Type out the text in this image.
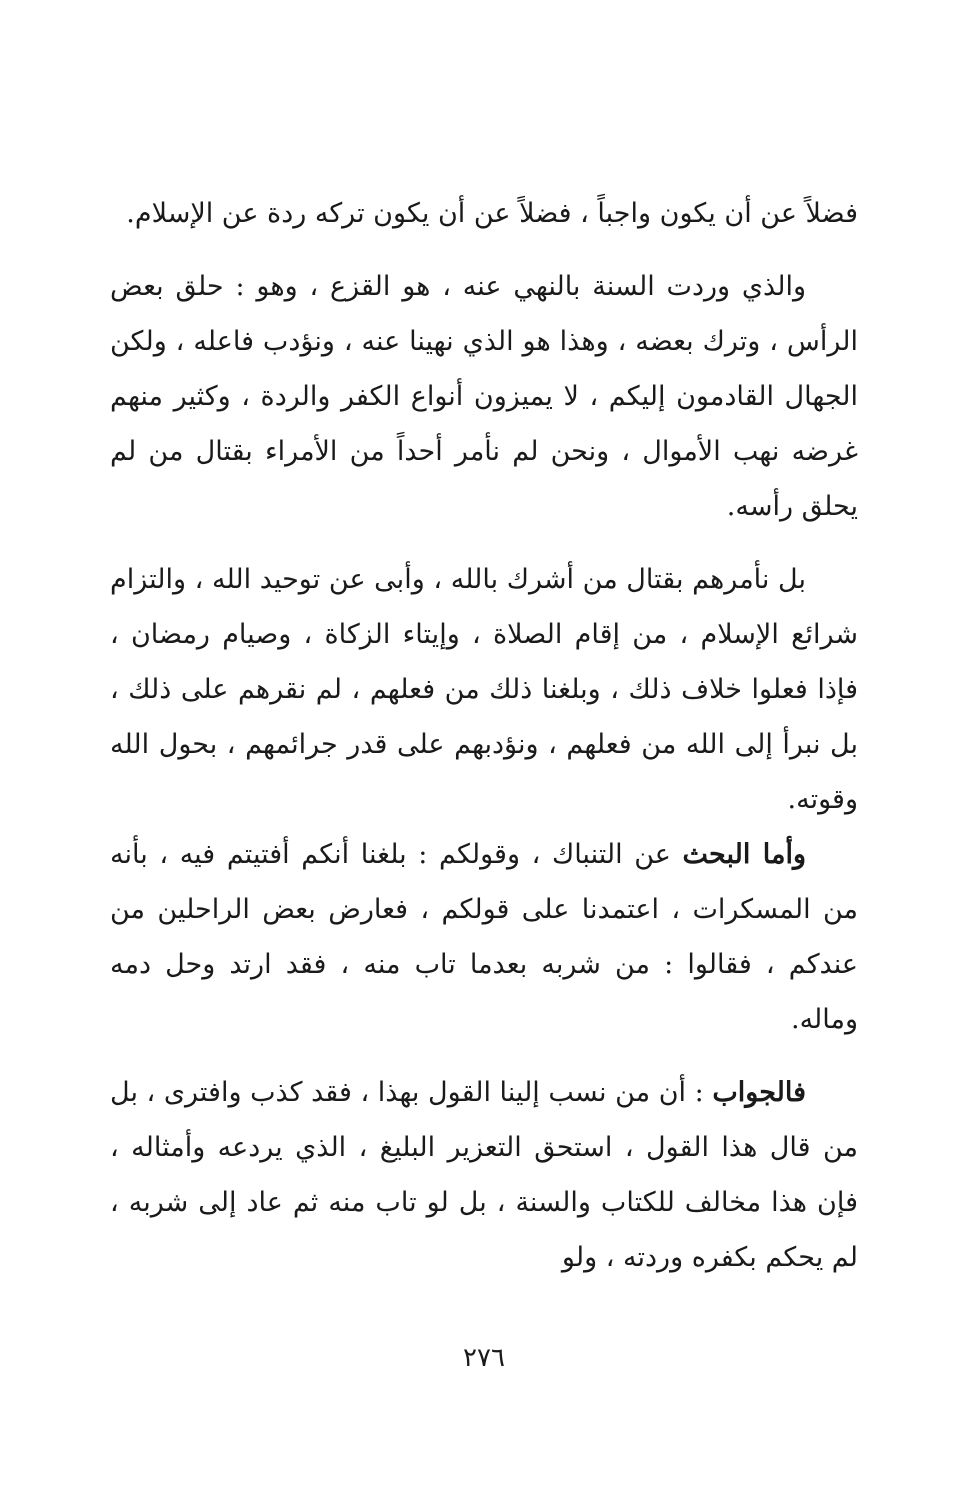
فضلاً عن أن يكون واجباً ، فضلاً عن أن يكون تركه ردة عن الإسلام.

والذي وردت السنة بالنهي عنه ، هو القزع ، وهو : حلق بعض الرأس ، وترك بعضه ، وهذا هو الذي نهينا عنه ، ونؤدب فاعله ، ولكن الجهال القادمون إليكم ، لا يميزون أنواع الكفر والردة ، وكثير منهم غرضه نهب الأموال ، ونحن لم نأمر أحداً من الأمراء بقتال من لم يحلق رأسه.

بل نأمرهم بقتال من أشرك بالله ، وأبى عن توحيد الله ، والتزام شرائع الإسلام ، من إقام الصلاة ، وإيتاء الزكاة ، وصيام رمضان ، فإذا فعلوا خلاف ذلك ، وبلغنا ذلك من فعلهم ، لم نقرهم على ذلك ، بل نبرأ إلى الله من فعلهم ، ونؤدبهم على قدر جرائمهم ، بحول الله وقوته.

وأما البحث عن التنباك ، وقولكم : بلغنا أنكم أفتيتم فيه ، بأنه من المسكرات ، اعتمدنا على قولكم ، فعارض بعض الراحلين من عندكم ، فقالوا : من شربه بعدما تاب منه ، فقد ارتد وحل دمه وماله.

فالجواب : أن من نسب إلينا القول بهذا ، فقد كذب وافترى ، بل من قال هذا القول ، استحق التعزير البليغ ، الذي يردعه وأمثاله ، فإن هذا مخالف للكتاب والسنة ، بل لو تاب منه ثم عاد إلى شربه ، لم يحكم بكفره وردته ، ولو

٢٧٦
